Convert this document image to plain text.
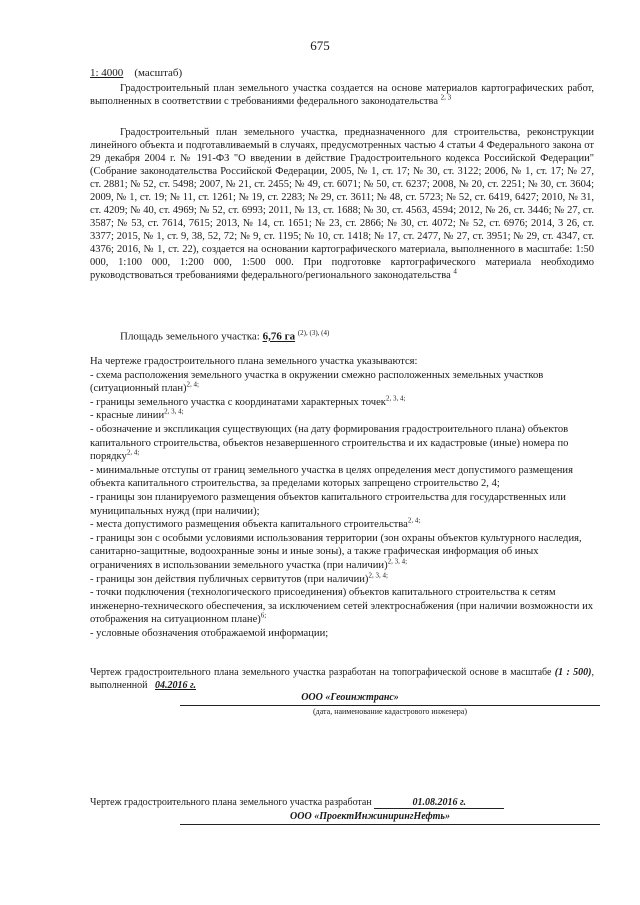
675
1: 4000 (масштаб)

Градостроительный план земельного участка создается на основе материалов картографических работ, выполненных в соответствии с требованиями федерального законодательства $^{2, 3}$

Градостроительный план земельного участка, предназначенного для строительства, реконструкции линейного объекта и подготавливаемый в случаях, предусмотренных частью 4 статьи 4 Федерального закона от 29 декабря 2004 г. № 191-ФЗ "О введении в действие Градостроительного кодекса Российской Федерации" (Собрание законодательства Российской Федерации, 2005, № 1, ст. 17; № 30, ст. 3122; 2006, № 1, ст. 17; № 27, ст. 2881; № 52, ст. 5498; 2007, № 21, ст. 2455; № 49, ст. 6071; № 50, ст. 6237; 2008, № 20, ст. 2251; № 30, ст. 3604; 2009, № 1, ст. 19; № 11, ст. 1261; № 19, ст. 2283; № 29, ст. 3611; № 48, ст. 5723; № 52, ст. 6419, 6427; 2010, № 31, ст. 4209; № 40, ст. 4969; № 52, ст. 6993; 2011, № 13, ст. 1688; № 30, ст. 4563, 4594; 2012, № 26, ст. 3446; № 27, ст. 3587; № 53, ст. 7614, 7615; 2013, № 14, ст. 1651; № 23, ст. 2866; № 30, ст. 4072; № 52, ст. 6976; 2014, 3 26, ст. 3377; 2015, № 1, ст. 9, 38, 52, 72; № 9, ст. 1195; № 10, ст. 1418; № 17, ст. 2477, № 27, ст. 3951; № 29, ст. 4347, ст. 4376; 2016, № 1, ст. 22), создается на основании картографического материала, выполненного в масштабе: 1:50 000, 1:100 000, 1:200 000, 1:500 000. При подготовке картографического материала необходимо руководствоваться требованиями федерального/регионального законодательства $^4$

Площадь земельного участка: 6,76 га $^{(2), (3), (4)}$

На чертеже градостроительного плана земельного участка указываются:

- схема расположения земельного участка в окружении смежно расположенных земельных участков (ситуационный план)$^{2, 4;}$

- границы земельного участка с координатами характерных точек$^{2, 3, 4;}$

- красные линии$^{2, 3, 4;}$

- обозначение и экспликация существующих (на дату формирования градостроительного плана) объектов капитального строительства, объектов незавершенного строительства и их кадастровые (иные) номера по порядку$^{2, 4;}$

- минимальные отступы от границ земельного участка в целях определения мест допустимого размещения объекта капитального строительства, за пределами которых запрещено строительство 2, 4;

- границы зон планируемого размещения объектов капитального строительства для государственных или муниципальных нужд (при наличии);

- места допустимого размещения объекта капитального строительства$^{2, 4;}$

- границы зон с особыми условиями использования территории (зон охраны объектов культурного наследия, санитарно-защитные, водоохранные зоны и иные зоны), а также графическая информация об иных ограничениях в использовании земельного участка (при наличии)$^{2, 3, 4;}$

- границы зон действия публичных сервитутов (при наличии)$^{2, 3, 4;}$

- точки подключения (технологического присоединения) объектов капитального строительства к сетям инженерно-технического обеспечения, за исключением сетей электроснабжения (при наличии возможности их отображения на ситуационном плане)$^{6;}$

- условные обозначения отображаемой информации;

Чертеж градостроительного плана земельного участка разработан на топографической основе в масштабе (1 : 500), выполненной 04.2016 г.
ООО «Геоинжтранс»
(дата, наименование кадастрового инженера)
Чертеж градостроительного плана земельного участка разработан	01.08.2016 г.
ООО «ПроектИнжинирингНефть»
